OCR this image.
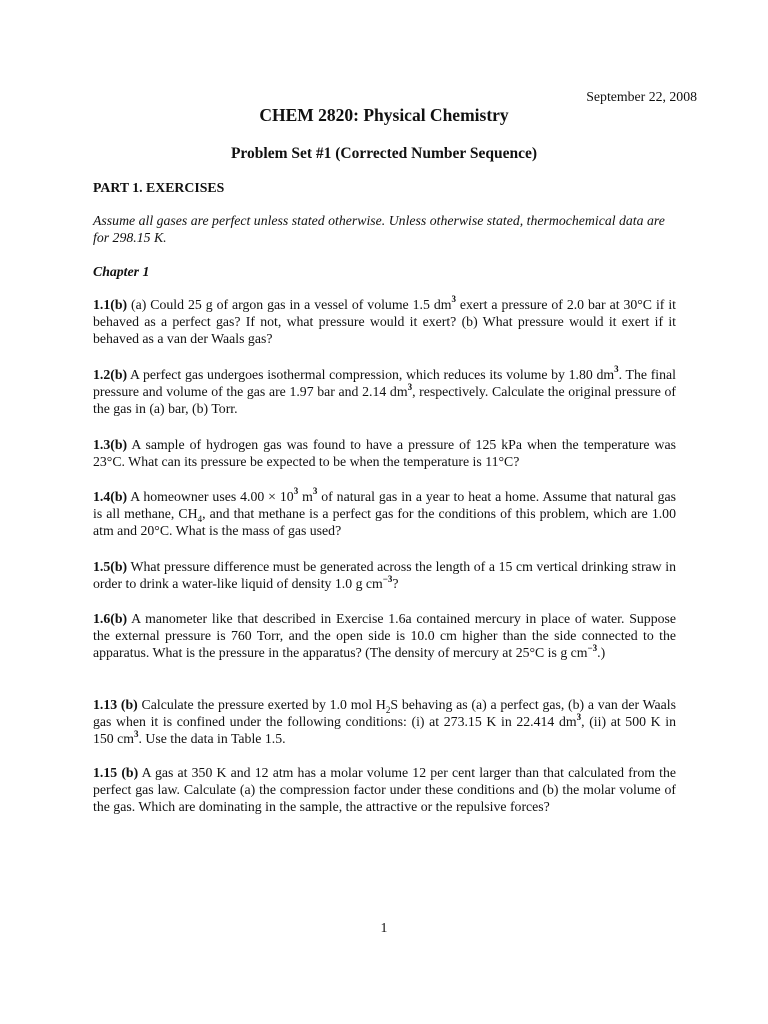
September 22, 2008
CHEM 2820: Physical Chemistry
Problem Set #1 (Corrected Number Sequence)
PART 1. EXERCISES
Assume all gases are perfect unless stated otherwise. Unless otherwise stated, thermochemical data are for 298.15 K.
Chapter 1
1.1(b) (a) Could 25 g of argon gas in a vessel of volume 1.5 $dm^3$ exert a pressure of 2.0 bar at 30°C if it behaved as a perfect gas? If not, what pressure would it exert? (b) What pressure would it exert if it behaved as a van der Waals gas?
1.2(b) A perfect gas undergoes isothermal compression, which reduces its volume by 1.80 $dm^3$. The final pressure and volume of the gas are 1.97 bar and 2.14 $dm^3$, respectively. Calculate the original pressure of the gas in (a) bar, (b) Torr.
1.3(b) A sample of hydrogen gas was found to have a pressure of 125 kPa when the temperature was 23°C. What can its pressure be expected to be when the temperature is 11°C?
1.4(b) A homeowner uses $4.00 \times 10^3$ $m^3$ of natural gas in a year to heat a home. Assume that natural gas is all methane, $CH_4$, and that methane is a perfect gas for the conditions of this problem, which are 1.00 atm and 20°C. What is the mass of gas used?
1.5(b) What pressure difference must be generated across the length of a 15 cm vertical drinking straw in order to drink a water-like liquid of density 1.0 g $cm^{-3}$?
1.6(b) A manometer like that described in Exercise 1.6a contained mercury in place of water. Suppose the external pressure is 760 Torr, and the open side is 10.0 cm higher than the side connected to the apparatus. What is the pressure in the apparatus? (The density of mercury at 25°C is g $cm^{-3}$.)
1.13 (b) Calculate the pressure exerted by 1.0 mol $H_2S$ behaving as (a) a perfect gas, (b) a van der Waals gas when it is confined under the following conditions: (i) at 273.15 K in 22.414 $dm^3$, (ii) at 500 K in 150 $cm^3$. Use the data in Table 1.5.
1.15 (b) A gas at 350 K and 12 atm has a molar volume 12 per cent larger than that calculated from the perfect gas law. Calculate (a) the compression factor under these conditions and (b) the molar volume of the gas. Which are dominating in the sample, the attractive or the repulsive forces?
1
